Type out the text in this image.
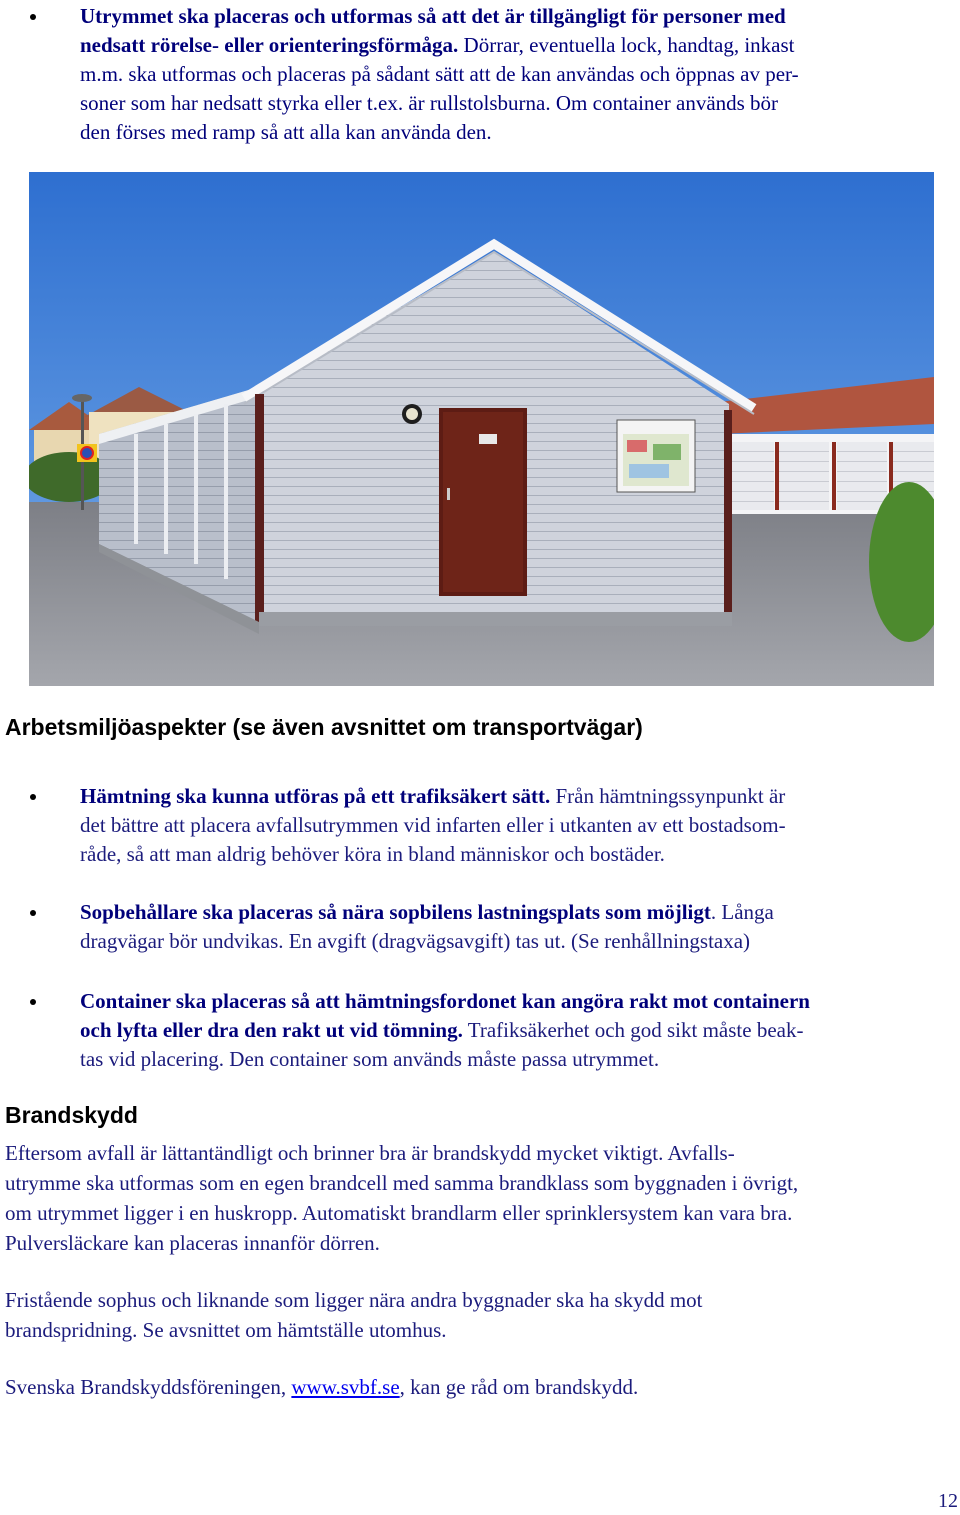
Utrymmet ska placeras och utformas så att det är tillgängligt för personer med
nedsatt rörelse- eller orienteringsförmåga. Dörrar, eventuella lock, handtag, inkast
m.m. ska utformas och placeras på sådant sätt att de kan användas och öppnas av per-
soner som har nedsatt styrka eller t.ex. är rullstolsburna. Om container används bör
den förses med ramp så att alla kan använda den.
Arbetsmiljöaspekter (se även avsnittet om transportvägar)
Hämtning ska kunna utföras på ett trafiksäkert sätt. Från hämtningssynpunkt är
det bättre att placera avfallsutrymmen vid infarten eller i utkanten av ett bostadsom-
råde, så att man aldrig behöver köra in bland människor och bostäder.
Sopbehållare ska placeras så nära sopbilens lastningsplats som möjligt. Långa
dragvägar bör undvikas. En avgift (dragvägsavgift) tas ut. (Se renhållningstaxa)
Container ska placeras så att hämtningsfordonet kan angöra rakt mot containern
och lyfta eller dra den rakt ut vid tömning. Trafiksäkerhet och god sikt måste beak-
tas vid placering. Den container som används måste passa utrymmet.
Brandskydd
Eftersom avfall är lättantändligt och brinner bra är brandskydd mycket viktigt. Avfalls-
utrymme ska utformas som en egen brandcell med samma brandklass som byggnaden i övrigt,
om utrymmet ligger i en huskropp. Automatiskt brandlarm eller sprinklersystem kan vara bra.
Pulversläckare kan placeras innanför dörren.
Fristående sophus och liknande som ligger nära andra byggnader ska ha skydd mot
brandspridning. Se avsnittet om hämtställe utomhus.
Svenska Brandskyddsföreningen, www.svbf.se, kan ge råd om brandskydd.
12
